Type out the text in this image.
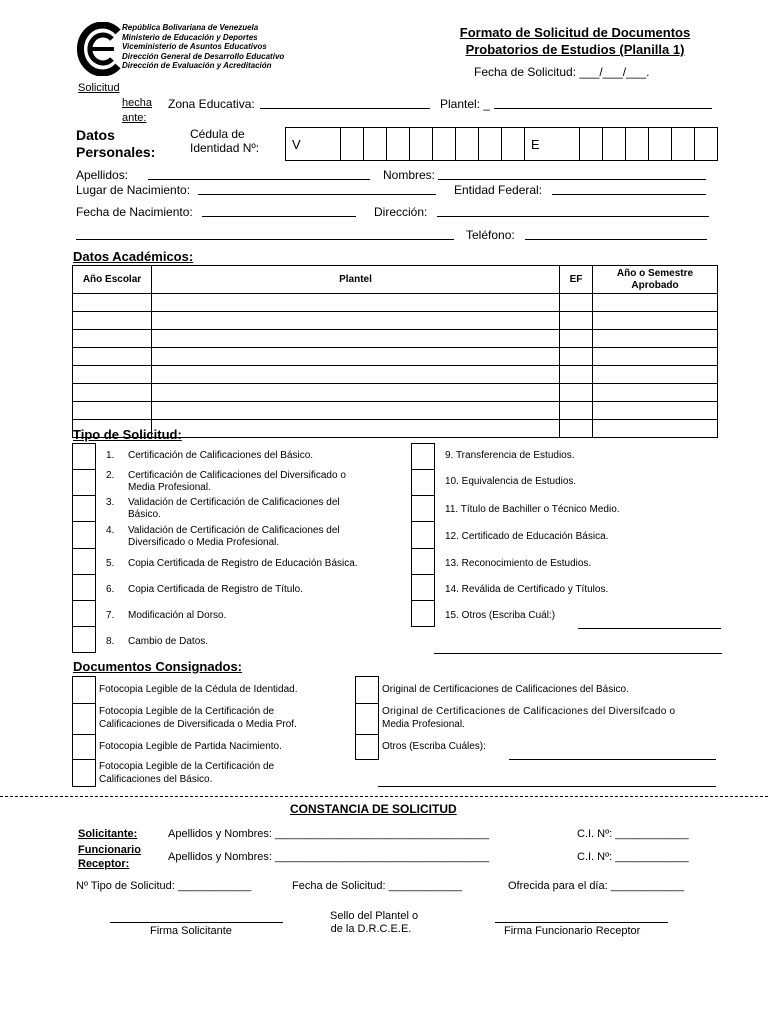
República Bolivariana de Venezuela
Ministerio de Educación y Deportes
Viceministerio de Asuntos Educativos
Dirección General de Desarrollo Educativo
Dirección de Evaluación y Acreditación
Formato de Solicitud de Documentos
Probatorios de Estudios (Planilla 1)
Fecha de Solicitud: ___/___/___.
Solicitud
hecha
ante:
Zona Educativa:	Plantel: _
Datos
Personales:
Cédula de
Identidad Nº:	V									E						
Apellidos:	Nombres:
Lugar de Nacimiento:	Entidad Federal:
Fecha de Nacimiento:	Dirección:
Teléfono:
Datos Académicos:
Año Escolar	Plantel	EF	Año o Semestre
Aprobado

Tipo de Solicitud:
1. Certificación de Calificaciones del Básico.
2. Certificación de Calificaciones del Diversificado o
Media Profesional.
3. Validación de Certificación de Calificaciones del
Básico.
4. Validación de Certificación de Calificaciones del
Diversificado o Media Profesional.
5. Copia Certificada de Registro de Educación Básica.
6. Copia Certificada de Registro de Título.
7. Modificación al Dorso.
8. Cambio de Datos.
9. Transferencia de Estudios.
10. Equivalencia de Estudios.
11. Título de Bachiller o Técnico Medio.
12. Certificado de Educación Básica.
13. Reconocimiento de Estudios.
14. Reválida de Certificado y Títulos.
15. Otros (Escriba Cuál:)
Documentos Consignados:
Fotocopia Legible de la Cédula de Identidad.
Fotocopia Legible de la Certificación de
Calificaciones de Diversificada o Media Prof.
Fotocopia Legible de Partida Nacimiento.
Fotocopia Legible de la Certificación de
Calificaciones del Básico.
Original de Certificaciones de Calificaciones del Básico.
Original de Certificaciones de Calificaciones del Diversifcado o
Media Profesional.
Otros (Escriba Cuáles):
CONSTANCIA DE SOLICITUD
Solicitante:
Funcionario
Receptor:
Apellidos y Nombres: ___________________________________	C.I. Nº: ____________
Apellidos y Nombres: ___________________________________	C.I. Nº: ____________
Nº Tipo de Solicitud: ____________	Fecha de Solicitud: ____________	Ofrecida para el día: ____________
Firma Solicitante
Sello del Plantel o
de la D.R.C.E.E.	Firma Funcionario Receptor
